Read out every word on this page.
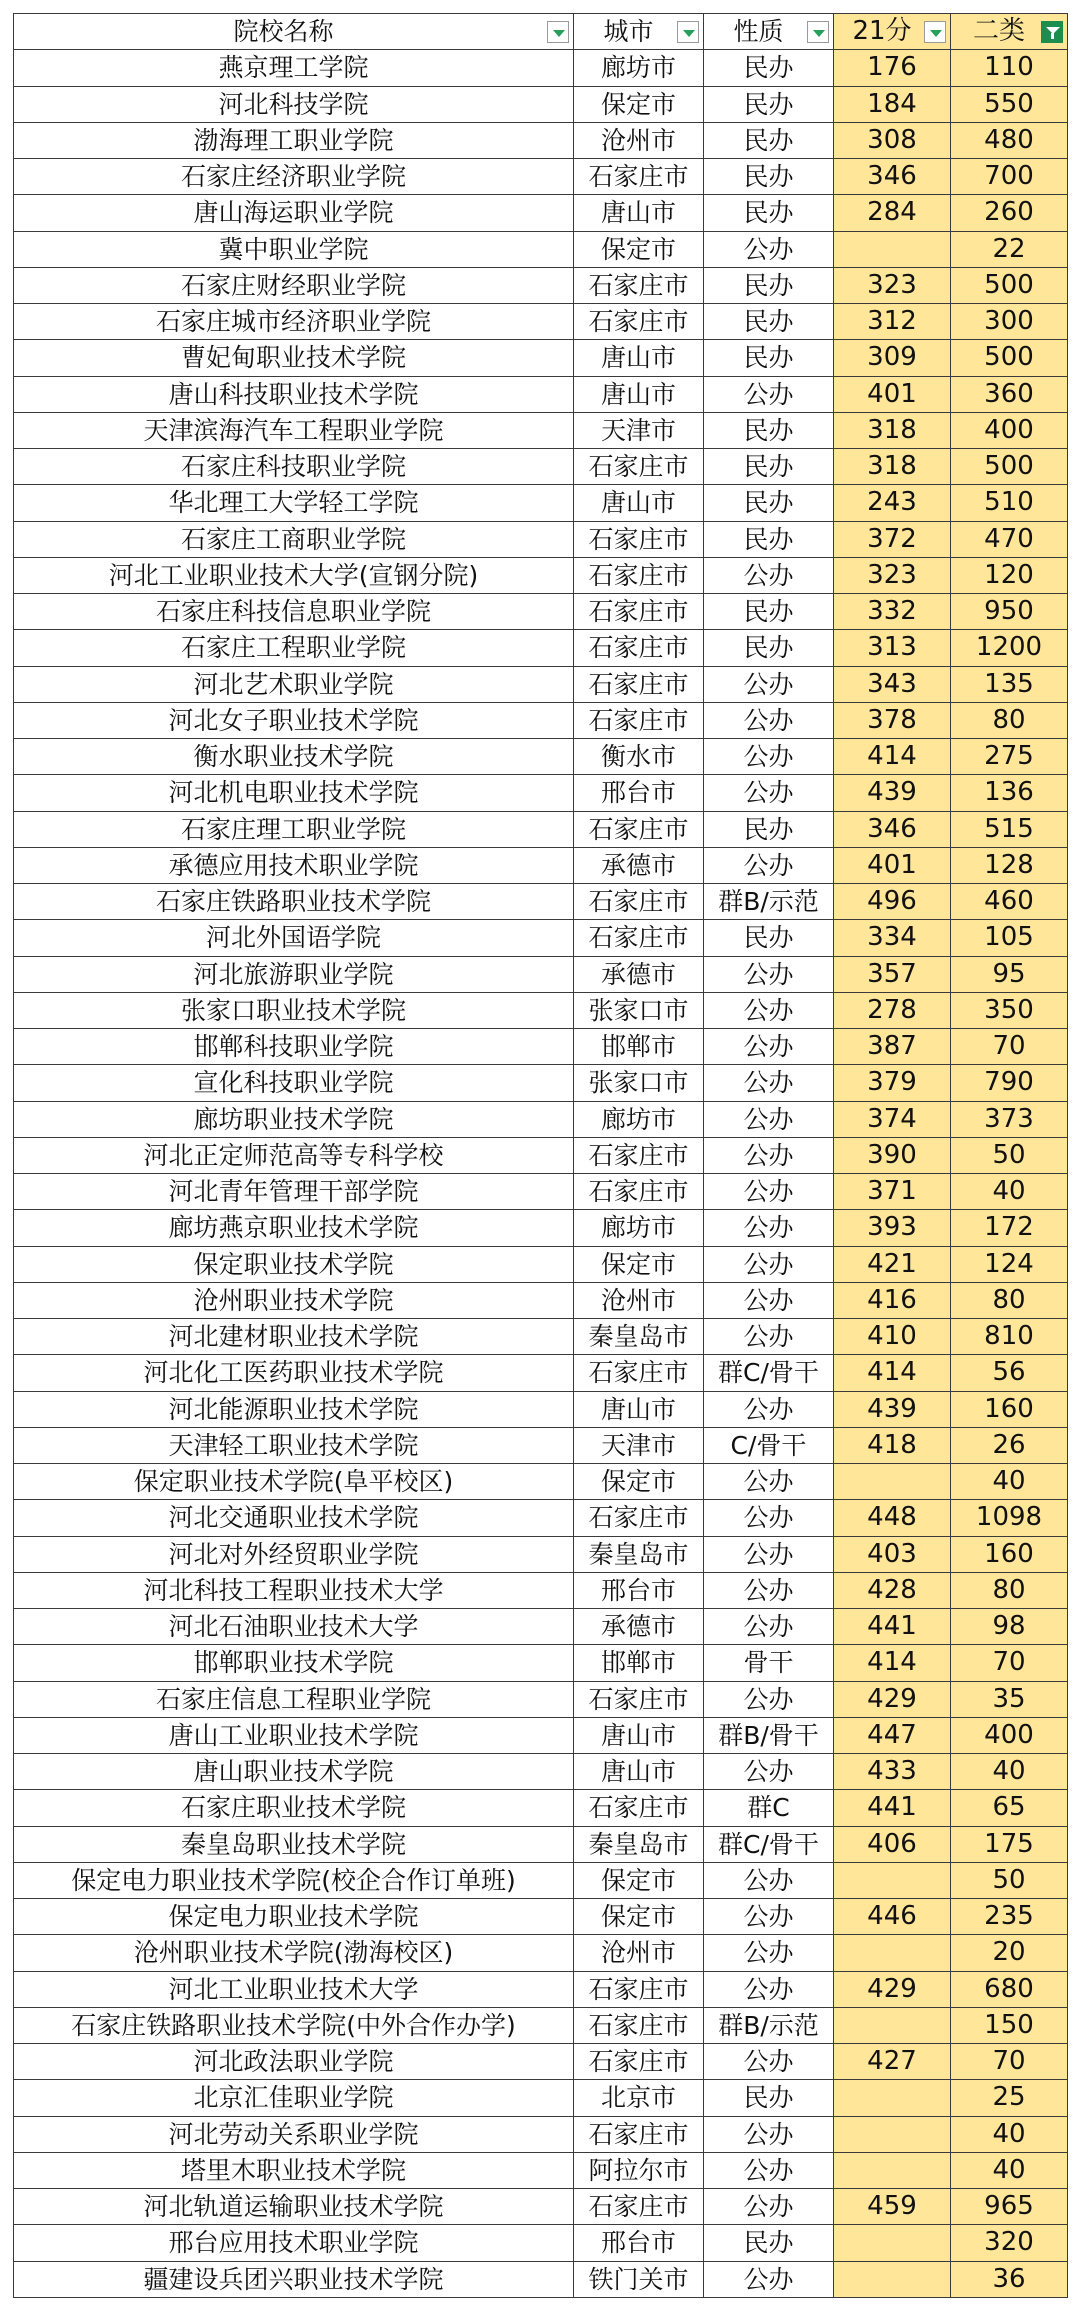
院校名称	城市	性质	21分	二类

燕京理工学院	廊坊市	民办	176	110
河北科技学院	保定市	民办	184	550
渤海理工职业学院	沧州市	民办	308	480
石家庄经济职业学院	石家庄市	民办	346	700
唐山海运职业学院	唐山市	民办	284	260
冀中职业学院	保定市	公办		22
石家庄财经职业学院	石家庄市	民办	323	500
石家庄城市经济职业学院	石家庄市	民办	312	300
曹妃甸职业技术学院	唐山市	民办	309	500
唐山科技职业技术学院	唐山市	公办	401	360
天津滨海汽车工程职业学院	天津市	民办	318	400
石家庄科技职业学院	石家庄市	民办	318	500
华北理工大学轻工学院	唐山市	民办	243	510
石家庄工商职业学院	石家庄市	民办	372	470
河北工业职业技术大学(宣钢分院)	石家庄市	公办	323	120
石家庄科技信息职业学院	石家庄市	民办	332	950
石家庄工程职业学院	石家庄市	民办	313	1200
河北艺术职业学院	石家庄市	公办	343	135
河北女子职业技术学院	石家庄市	公办	378	80
衡水职业技术学院	衡水市	公办	414	275
河北机电职业技术学院	邢台市	公办	439	136
石家庄理工职业学院	石家庄市	民办	346	515
承德应用技术职业学院	承德市	公办	401	128
石家庄铁路职业技术学院	石家庄市	群B/示范	496	460
河北外国语学院	石家庄市	民办	334	105
河北旅游职业学院	承德市	公办	357	95
张家口职业技术学院	张家口市	公办	278	350
邯郸科技职业学院	邯郸市	公办	387	70
宣化科技职业学院	张家口市	公办	379	790
廊坊职业技术学院	廊坊市	公办	374	373
河北正定师范高等专科学校	石家庄市	公办	390	50
河北青年管理干部学院	石家庄市	公办	371	40
廊坊燕京职业技术学院	廊坊市	公办	393	172
保定职业技术学院	保定市	公办	421	124
沧州职业技术学院	沧州市	公办	416	80
河北建材职业技术学院	秦皇岛市	公办	410	810
河北化工医药职业技术学院	石家庄市	群C/骨干	414	56
河北能源职业技术学院	唐山市	公办	439	160
天津轻工职业技术学院	天津市	C/骨干	418	26
保定职业技术学院(阜平校区)	保定市	公办		40
河北交通职业技术学院	石家庄市	公办	448	1098
河北对外经贸职业学院	秦皇岛市	公办	403	160
河北科技工程职业技术大学	邢台市	公办	428	80
河北石油职业技术大学	承德市	公办	441	98
邯郸职业技术学院	邯郸市	骨干	414	70
石家庄信息工程职业学院	石家庄市	公办	429	35
唐山工业职业技术学院	唐山市	群B/骨干	447	400
唐山职业技术学院	唐山市	公办	433	40
石家庄职业技术学院	石家庄市	群C	441	65
秦皇岛职业技术学院	秦皇岛市	群C/骨干	406	175
保定电力职业技术学院(校企合作订单班)	保定市	公办		50
保定电力职业技术学院	保定市	公办	446	235
沧州职业技术学院(渤海校区)	沧州市	公办		20
河北工业职业技术大学	石家庄市	公办	429	680
石家庄铁路职业技术学院(中外合作办学)	石家庄市	群B/示范		150
河北政法职业学院	石家庄市	公办	427	70
北京汇佳职业学院	北京市	民办		25
河北劳动关系职业学院	石家庄市	公办		40
塔里木职业技术学院	阿拉尔市	公办		40
河北轨道运输职业技术学院	石家庄市	公办	459	965
邢台应用技术职业学院	邢台市	民办		320
疆建设兵团兴职业技术学院	铁门关市	公办		36
